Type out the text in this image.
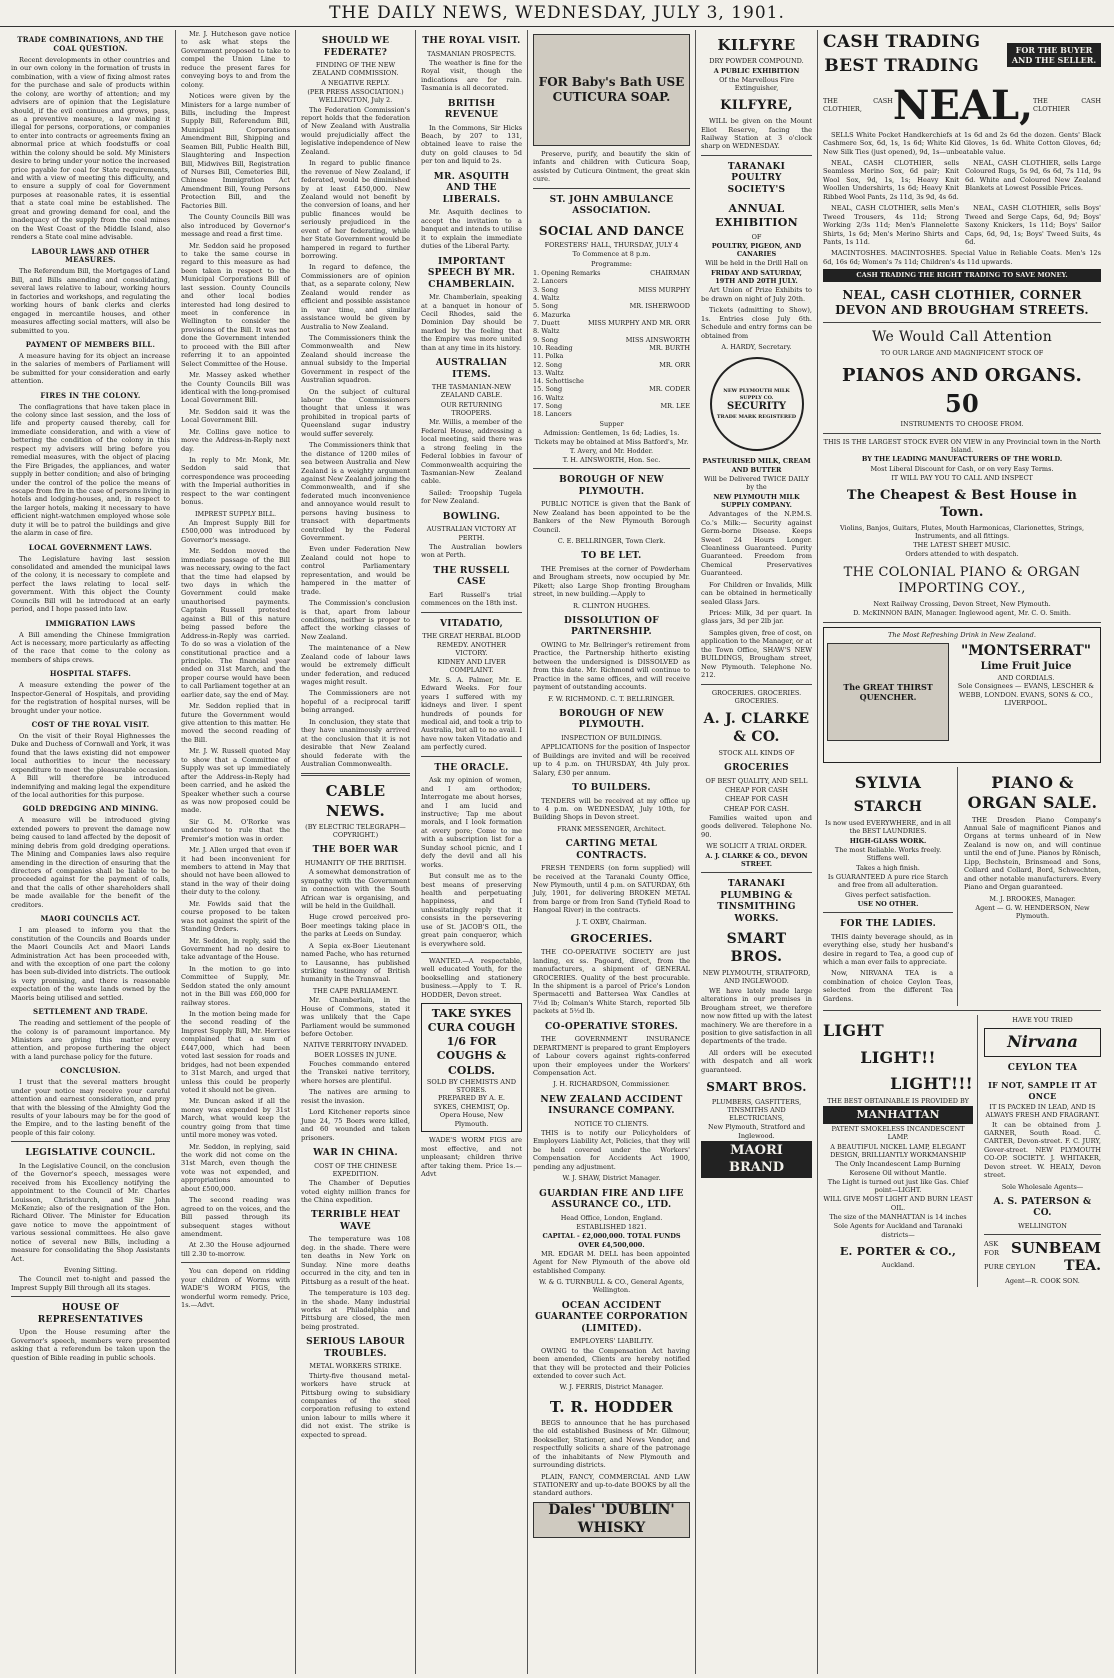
THE DAILY NEWS, WEDNESDAY, JULY 3, 1901.
TRADE COMBINATIONS, AND THE COAL QUESTION.

Recent developments in other countries and in our own colony in the formation of trusts in combination, with a view of fixing almost rates for the purchase and sale of products within the colony, are worthy of attention; and my advisers are of opinion that the Legislature should, if the evil continues and grows, pass, as a preventive measure, a law making it illegal for persons, corporations, or companies to enter into contracts or agreements fixing an abnormal price at which foodstuffs or coal within the colony should be sold. My Ministers desire to bring under your notice the increased price payable for coal for State requirements, and with a view of meeting this difficulty, and to ensure a supply of coal for Government purposes at reasonable rates, it is essential that a state coal mine be established. The great and growing demand for coal, and the inadequacy of the supply from the coal mines on the West Coast of the Middle Island, also renders a State coal mine advisable.

LABOUR LAWS AND OTHER MEASURES.

The Referendum Bill, the Mortgages of Land Bill, and Bills amending and consolidating, several laws relative to labour, working hours in factories and workshops, and regulating the working hours of bank clerks and clerks engaged in mercantile houses, and other measures affecting social matters, will also be submitted to you.

PAYMENT OF MEMBERS BILL.

A measure having for its object an increase in the salaries of members of Parliament will be submitted for your consideration and early attention.

FIRES IN THE COLONY.

The conflagrations that have taken place in the colony since last session, and the loss of life and property caused thereby, call for immediate consideration, and with a view of bettering the condition of the colony in this respect my advisers will bring before you remedial measures, with the object of placing the Fire Brigades, the appliances, and water supply in better condition; and also of bringing under the control of the police the means of escape from fire in the case of persons living in hotels and lodging-houses, and, in respect to the larger hotels, making it necessary to have efficient night-watchmen employed whose sole duty it will be to patrol the buildings and give the alarm in case of fire.

LOCAL GOVERNMENT LAWS.

The Legislature having last session consolidated and amended the municipal laws of the colony, it is necessary to complete and perfect the laws relating to local self-government. With this object the County Councils Bill will be introduced at an early period, and I hope passed into law.

IMMIGRATION LAWS

A Bill amending the Chinese Immigration Act is necessary, more particularly as affecting of the race that come to the colony as members of ships crews.

HOSPITAL STAFFS.

A measure extending the power of the Inspector-General of Hospitals, and providing for the registration of hospital nurses, will be brought under your notice.

COST OF THE ROYAL VISIT.

On the visit of their Royal Highnesses the Duke and Duchess of Cornwall and York, it was found that the laws existing did not empower local authorities to incur the necessary expenditure to meet the pleasurable occasion. A Bill will therefore be introduced indemnifying and making legal the expenditure of the local authorities for this purpose.

GOLD DREDGING AND MINING.

A measure will be introduced giving extended powers to prevent the damage now being caused to land affected by the deposit of mining debris from gold dredging operations. The Mining and Companies laws also require amending in the direction of ensuring that the directors of companies shall be liable to be proceeded against for the payment of calls, and that the calls of other shareholders shall be made available for the benefit of the creditors.

MAORI COUNCILS ACT.

I am pleased to inform you that the constitution of the Councils and Boards under the Maori Councils Act and Maori Lands Administration Act has been proceeded with, and with the exception of one part the colony has been sub-divided into districts. The outlook is very promising, and there is reasonable expectation of the waste lands owned by the Maoris being utilised and settled.

SETTLEMENT AND TRADE.

The reading and settlement of the people of the colony is of paramount importance. My Ministers are giving this matter every attention, and propose furthering the object with a land purchase policy for the future.

CONCLUSION.

I trust that the several matters brought under your notice may receive your careful attention and earnest consideration, and pray that with the blessing of the Almighty God the results of your labours may be for the good of the Empire, and to the lasting benefit of the people of this fair colony.

LEGISLATIVE COUNCIL.

In the Legislative Council, on the conclusion of the Governor's speech, messages were received from his Excellency notifying the appointment to the Council of Mr. Charles Louisson, Christchurch, and Sir John McKenzie; also of the resignation of the Hon. Richard Oliver. The Minister for Education gave notice to move the appointment of various sessional committees. He also gave notice of several new Bills, including a measure for consolidating the Shop Assistants Act.

Evening Sitting.

The Council met to-night and passed the Imprest Supply Bill through all its stages.

HOUSE OF REPRESENTATIVES

Upon the House resuming after the Governor's speech, members were presented asking that a referendum be taken upon the question of Bible reading in public schools.

Mr. J. Hutcheson gave notice to ask what steps the Government proposed to take to compel the Union Line to reduce the present fares for conveying boys to and from the colony.

Notices were given by the Ministers for a large number of Bills, including the Imprest Supply Bill, Referendum Bill, Municipal Corporations Amendment Bill, Shipping and Seamen Bill, Public Health Bill, Slaughtering and Inspection Bill, Midwives Bill, Registration of Nurses Bill, Cemeteries Bill, Chinese Immigration Act Amendment Bill, Young Persons Protection Bill, and the Factories Bill.

The County Councils Bill was also introduced by Governor's message and read a first time.

Mr. Seddon said he proposed to take the same course in regard to this measure as had been taken in respect to the Municipal Corporations Bill of last session. County Councils and other local bodies interested had long desired to meet in conference in Wellington to consider the provisions of the Bill. It was not done the Government intended to proceed with the Bill after referring it to an appointed Select Committee of the House.

Mr. Massey asked whether the County Councils Bill was identical with the long-promised Local Government Bill.

Mr. Seddon said it was the Local Government Bill.

Mr. Collins gave notice to move the Address-in-Reply next day.

In reply to Mr. Monk, Mr. Seddon said that correspondence was proceeding with the Imperial authorities in respect to the war contingent bonus.

IMPREST SUPPLY BILL.

An Imprest Supply Bill for £500,000 was introduced by Governor's message.

Mr. Seddon moved the immediate passage of the Bill was necessary, owing to the fact that the time had elapsed by two days in which the Government could make unauthorised payments. Captain Russell protested against a Bill of this nature being passed before the Address-in-Reply was carried. To do so was a violation of the constitutional practice and a principle. The financial year ended on 31st March, and the proper course would have been to call Parliament together at an earlier date, say the end of May.

Mr. Seddon replied that in future the Government would give attention to this matter. He moved the second reading of the Bill.

Mr. J. W. Russell quoted May to show that a Committee of Supply was set up immediately after the Address-in-Reply had been carried, and he asked the Speaker whether such a course as was now proposed could be made.

Sir G. M. O'Rorke was understood to rule that the Premier's motion was in order.

Mr. J. Allen urged that even if it had been inconvenient for members to attend in May that should not have been allowed to stand in the way of their doing their duty to the colony.

Mr. Fowlds said that the course proposed to be taken was not against the spirit of the Standing Orders.

Mr. Seddon, in reply, said the Government had no desire to take advantage of the House.

In the motion to go into Committee of Supply, Mr. Seddon stated the only amount not in the Bill was £60,000 for railway stores.

In the motion being made for the second reading of the Imprest Supply Bill, Mr. Herries complained that a sum of £447,000, which had been voted last session for roads and bridges, had not been expended to 31st March, and urged that unless this could be properly voted it should not be given.

Mr. Duncan asked if all the money was expended by 31st March, what would keep the country going from that time until more money was voted.

Mr. Seddon, in replying, said the work did not come on the 31st March, even though the vote was not expended, and appropriations amounted to about £500,000.

The second reading was agreed to on the voices, and the Bill passed through its subsequent stages without amendment.

At 2.30 the House adjourned till 2.30 to-morrow.

You can depend on ridding your children of Worms with WADE'S WORM FIGS, the wonderful worm remedy. Price, 1s.—Advt.

SHOULD WE FEDERATE?
FINDING OF THE NEW ZEALAND COMMISSION.
A NEGATIVE REPLY.
(PER PRESS ASSOCIATION.) WELLINGTON, July 2.

The Federation Commission's report holds that the federation of New Zealand with Australia would prejudicially affect the legislative independence of New Zealand.

In regard to public finance the revenue of New Zealand, if federated, would be diminished by at least £450,000. New Zealand would not benefit by the conversion of loans, and her public finances would be seriously prejudiced in the event of her federating, while her State Government would be hampered in regard to further borrowing.

In regard to defence, the Commissioners are of opinion that, as a separate colony, New Zealand would render as efficient and possible assistance in war time, and similar assistance would be given by Australia to New Zealand.

The Commissioners think the Commonwealth and New Zealand should increase the annual subsidy to the Imperial Government in respect of the Australian squadron.

On the subject of cultural labour the Commissioners thought that unless it was prohibited in tropical parts of Queensland sugar industry would suffer severely.

The Commissioners think that the distance of 1200 miles of sea between Australia and New Zealand is a weighty argument against New Zealand joining the Commonwealth, and if she federated much inconvenience and annoyance would result to persons having business to transact with departments controlled by the Federal Government.

Even under Federation New Zealand could not hope to control Parliamentary representation, and would be hampered in the matter of trade.

The Commission's conclusion is that, apart from labour conditions, neither is proper to affect the working classes of New Zealand.

The maintenance of a New Zealand code of labour laws would be extremely difficult under federation, and reduced wages might result.

The Commissioners are not hopeful of a reciprocal tariff being arranged.

In conclusion, they state that they have unanimously arrived at the conclusion that it is not desirable that New Zealand should federate with the Australian Commonwealth.

CABLE NEWS.
(BY ELECTRIC TELEGRAPH—COPYRIGHT.)
THE BOER WAR
HUMANITY OF THE BRITISH.

A somewhat demonstration of sympathy with the Government in connection with the South African war is organising, and will be held in the Guildhall.

Huge crowd perceived pro-Boer meetings taking place in the parks at Leeds on Sunday.

A Sepia ex-Boer Lieutenant named Pache, who has returned to Lausanne, has published striking testimony of British humanity in the Transvaal.

THE CAPE PARLIAMENT.

Mr. Chamberlain, in the House of Commons, stated it was unlikely that the Cape Parliament would be summoned before October.

NATIVE TERRITORY INVADED.
BOER LOSSES IN JUNE.

Fouches commando entered the Transkei native territory, where horses are plentiful.

The natives are arming to resist the invasion.

Lord Kitchener reports since June 24, 75 Boers were killed, and 60 wounded and taken prisoners.

WAR IN CHINA.
COST OF THE CHINESE EXPEDITION.

The Chamber of Deputies voted eighty million francs for the China expedition.

TERRIBLE HEAT WAVE

The temperature was 108 deg. in the shade. There were ten deaths in New York on Sunday. Nine more deaths occurred in the city, and ten in Pittsburg as a result of the heat.

The temperature is 103 deg. in the shade. Many industrial works at Philadelphia and Pittsburg are closed, the men being prostrated.

SERIOUS LABOUR TROUBLES.
METAL WORKERS STRIKE.

Thirty-five thousand metal-workers have struck at Pittsburg owing to subsidiary companies of the steel corporation refusing to extend union labour to mills where it did not exist. The strike is expected to spread.

THE ROYAL VISIT.
TASMANIAN PROSPECTS.

The weather is fine for the Royal visit, though the indications are for rain. Tasmania is all decorated.

BRITISH REVENUE

In the Commons, Sir Hicks Beach, by 207 to 131, obtained leave to raise the duty on gold clauses to 5d per ton and liquid to 2s.

MR. ASQUITH AND THE LIBERALS.

Mr. Asquith declines to accept the invitation to a banquet and intends to utilise it to explain the immediate duties of the Liberal Party.

IMPORTANT SPEECH BY MR. CHAMBERLAIN.

Mr. Chamberlain, speaking at a banquet in honour of Cecil Rhodes, said the Dominion Day should be marked by the feeling that the Empire was more united than at any time in its history.

AUSTRALIAN ITEMS.
THE TASMANIAN-NEW ZEALAND CABLE.
OUR RETURNING TROOPERS.

Mr. Willis, a member of the Federal House, addressing a local meeting, said there was a strong feeling in the Federal lobbies in favour of Commonwealth acquiring the Tasmanian-New Zealand cable.

Sailed: Troopship Tugela for New Zealand.

BOWLING.
AUSTRALIAN VICTORY AT PERTH.

The Australian bowlers won at Perth.

THE RUSSELL CASE

Earl Russell's trial commences on the 18th inst.

VITADATIO,
THE GREAT HERBAL BLOOD REMEDY. ANOTHER VICTORY.
KIDNEY AND LIVER COMPLAINT.

Mr. S. A. Palmer, Mr. E. Edward Weeks. For four years I suffered with my kidneys and liver. I spent hundreds of pounds for medical aid, and took a trip to Australia, but all to no avail. I have now taken Vitadatio and am perfectly cured.

THE ORACLE.

Ask my opinion of women, and I am orthodox; Interrogate me about horses, and I am lucid and instructive; Tap me about morals, and I look formation at every pore; Come to me with a subscription list for a Sunday school picnic, and I defy the devil and all his works.

But consult me as to the best means of preserving health and perpetuating happiness, and I unhesitatingly reply that it consists in the persevering use of St. JACOB'S OIL, the great pain conqueror, which is everywhere sold.

WANTED.—A respectable, well educated Youth, for the bookselling and stationery business.—Apply to T. R. HODDER, Devon street.

TAKE SYKES CURA COUGH 1/6 FOR COUGHS & COLDS.
SOLD BY CHEMISTS AND STORES.
PREPARED BY A. E. SYKES, CHEMIST, Op. Opera House, New Plymouth.

WADE'S WORM FIGS are most effective, and not unpleasant; children thrive after taking them. Price 1s.—Advt

FOR Baby's Bath USE CUTICURA SOAP.

Preserve, purify, and beautify the skin of infants and children with Cuticura Soap, assisted by Cuticura Ointment, the great skin cure.

ST. JOHN AMBULANCE ASSOCIATION.
SOCIAL AND DANCE
FORESTERS' HALL, THURSDAY, JULY 4
To Commence at 8 p.m.
Programme:
1. Opening Remarks	CHAIRMAN
2. Lancers
3. Song	MISS MURPHY
4. Waltz
5. Song	MR. ISHERWOOD
6. Mazurka
7. Duett	MISS MURPHY AND MR. ORR
8. Waltz
9. Song	MISS AINSWORTH
10. Reading	MR. BURTH
11. Polka
12. Song	MR. ORR
13. Waltz
14. Schottische
15. Song	MR. CODER
16. Waltz
17. Song	MR. LEE
18. Lancers
Supper
Admission: Gentlemen, 1s 6d; Ladies, 1s.
Tickets may be obtained at Miss Batford's, Mr. T. Avery, and Mr. Hodder.
T. H. AINSWORTH, Hon. Sec.
BOROUGH OF NEW PLYMOUTH.

PUBLIC NOTICE is given that the Bank of New Zealand has been appointed to be the Bankers of the New Plymouth Borough Council.

C. E. BELLRINGER, Town Clerk.
TO BE LET.

THE Premises at the corner of Powderham and Brougham streets, now occupied by Mr. Pikett; also Large Shop fronting Brougham street, in new building.—Apply to

R. CLINTON HUGHES.
DISSOLUTION OF PARTNERSHIP.

OWING to Mr. Bellringer's retirement from Practice, the Partnership hitherto existing between the undersigned is DISSOLVED as from this date. Mr. Richmond will continue to Practice in the same offices, and will receive payment of outstanding accounts.

F. W. RICHMOND. C. T. BELLRINGER.
BOROUGH OF NEW PLYMOUTH.
INSPECTION OF BUILDINGS.

APPLICATIONS for the position of Inspector of Buildings are invited and will be received up to 4 p.m. on THURSDAY, 4th July prox. Salary, £30 per annum.

TO BUILDERS.

TENDERS will be received at my office up to 4 p.m. on WEDNESDAY, July 10th, for Building Shops in Devon street.

FRANK MESSENGER, Architect.
CARTING METAL CONTRACTS.

FRESH TENDERS (on form supplied) will be received at the Taranaki County Office, New Plymouth, until 4 p.m. on SATURDAY, 6th July, 1901, for delivering BROKEN METAL from barge or from Iron Sand (Tyfield Road to Hangoal River) in the contracts.

J. T. OXBY, Chairman.
GROCERIES.

THE CO-OPERATIVE SOCIETY are just landing, ex ss. Pagoard, direct, from the manufacturers, a shipment of GENERAL GROCERIES. Quality of the best procurable. In the shipment is a parcel of Price's London Spermacetti and Battersea Wax Candles at 7½d lb; Colman's White Starch, reported 5lb packets at 5½d lb.

CO-OPERATIVE STORES.

THE GOVERNMENT INSURANCE DEPARTMENT is prepared to grant Employers of Labour covers against rights-conferred upon their employees under the Workers' Compensation Act.

J. H. RICHARDSON, Commissioner.
NEW ZEALAND ACCIDENT INSURANCE COMPANY.
NOTICE TO CLIENTS.

THIS is to notify our Policyholders of Employers Liability Act, Policies, that they will be held covered under the Workers' Compensation for Accidents Act 1900, pending any adjustment.

W. J. SHAW, District Manager.
GUARDIAN FIRE AND LIFE ASSURANCE CO., LTD.
Head Office, London, England.
ESTABLISHED 1821.
CAPITAL - £2,000,000. TOTAL FUNDS OVER £4,500,000.

MR. EDGAR M. DELL has been appointed Agent for New Plymouth of the above old established Company.

W. & G. TURNBULL & CO., General Agents, Wellington.
OCEAN ACCIDENT GUARANTEE CORPORATION (LIMITED).
EMPLOYERS' LIABILITY.

OWING to the Compensation Act having been amended, Clients are hereby notified that they will be protected and their Policies extended to cover such Act.

W. J. FERRIS, District Manager.
T. R. HODDER

BEGS to announce that he has purchased the old established Business of Mr. Gilmour, Bookseller, Stationer, and News Vendor, and respectfully solicits a share of the patronage of the inhabitants of New Plymouth and surrounding districts.

PLAIN, FANCY, COMMERCIAL AND LAW STATIONERY and up-to-date BOOKS by all the standard authors.

Dales' 'DUBLIN' WHISKY
KILFYRE
DRY POWDER COMPOUND.
A PUBLIC EXHIBITION
Of the Marvellous Fire Extinguisher,
KILFYRE,

WILL be given on the Mount Eliot Reserve, facing the Railway Station at 3 o'clock sharp on WEDNESDAY.

TARANAKI POULTRY SOCIETY'S
ANNUAL EXHIBITION
OF
POULTRY, PIGEON, AND CANARIES
Will be held in the Drill Hall on
FRIDAY AND SATURDAY, 19TH AND 20TH JULY.

Art Union of Prize Exhibits to be drawn on night of July 20th.

Tickets (admitting to Show), 1s. Entries close July 6th. Schedule and entry forms can be obtained from

A. HARDY, Secretary.
NEW PLYMOUTH MILK SUPPLY CO.
SECURITY
TRADE MARK REGISTERED
PASTEURISED MILK, CREAM AND BUTTER
Will be Delivered TWICE DAILY by the
NEW PLYMOUTH MILK SUPPLY COMPANY.

Advantages of the N.P.M.S. Co.'s Milk:— Security against Germ-borne Disease. Keeps Sweet 24 Hours Longer. Cleanliness Guaranteed. Purity Guaranteed. Freedom from Chemical Preservatives Guaranteed.

For Children or Invalids, Milk can be obtained in hermetically sealed Glass Jars.

Prices: Milk, 3d per quart. In glass jars, 3d per 2lb jar.

Samples given, free of cost, on application to the Manager, or at the Town Office, SHAW'S NEW BUILDINGS, Brougham street, New Plymouth. Telephone No. 212.

GROCERIES. GROCERIES. GROCERIES.
A. J. CLARKE & CO.
STOCK ALL KINDS OF
GROCERIES
OF BEST QUALITY, AND SELL
CHEAP FOR CASH
CHEAP FOR CASH
CHEAP FOR CASH.

Families waited upon and goods delivered. Telephone No. 90.

WE SOLICIT A TRIAL ORDER.
A. J. CLARKE & CO., DEVON STREET.
TARANAKI PLUMBING & TINSMITHING WORKS.
SMART BROS.
NEW PLYMOUTH, STRATFORD, AND INGLEWOOD.

WE have lately made large alterations in our premises in Brougham street, we therefore now now fitted up with the latest machinery. We are therefore in a position to give satisfaction in all departments of the trade.

All orders will be executed with despatch and all work guaranteed.

SMART BROS.
PLUMBERS, GASFITTERS, TINSMITHS AND ELECTRICIANS,
New Plymouth, Stratford and Inglewood.
MAORI BRAND
CASH TRADING
BEST TRADING
FOR THE BUYER AND THE SELLER.
THE CASH CLOTHIER, NEAL, THE CASH CLOTHIER

SELLS White Pocket Handkerchiefs at 1s 6d and 2s 6d the dozen. Gents' Black Cashmere Sox, 6d, 1s, 1s 6d; White Kid Gloves, 1s 6d. White Cotton Gloves, 6d; New Silk Ties (just opened), 9d, 1s—unbeatable value.

NEAL, CASH CLOTHIER, sells Seamless Merino Sox, 6d pair; Knit Wool Sox, 9d, 1s, 1s; Heavy Knit Woollen Undershirts, 1s 6d; Heavy Knit Ribbed Wool Pants, 2s 11d, 3s 9d, 4s 6d.

NEAL, CASH CLOTHIER, sells Large Coloured Rugs, 5s 9d, 6s 6d, 7s 11d, 9s 6d. White and Coloured New Zealand Blankets at Lowest Possible Prices.

NEAL, CASH CLOTHIER, sells Men's Tweed Trousers, 4s 11d; Strong Working 2/3s 11d; Men's Flannelette Shirts, 1s 6d; Men's Merino Shirts and Pants, 1s 11d.

NEAL, CASH CLOTHIER, sells Boys' Tweed and Serge Caps, 6d, 9d; Boys' Saxony Knickers, 1s 11d; Boys' Sailor Caps, 6d, 9d, 1s; Boys' Tweed Suits, 4s 6d.

MACINTOSHES. MACINTOSHES. Special Value in Reliable Coats. Men's 12s 6d, 16s 6d; Women's 7s 11d; Children's 4s 11d upwards.

CASH TRADING THE RIGHT TRADING TO SAVE MONEY.
NEAL, CASH CLOTHIER, CORNER DEVON AND BROUGHAM STREETS.
We Would Call Attention
TO OUR LARGE AND MAGNIFICENT STOCK OF
PIANOS AND ORGANS.
50
INSTRUMENTS TO CHOOSE FROM.
THIS IS THE LARGEST STOCK EVER ON VIEW in any Provincial town in the North Island.
BY THE LEADING MANUFACTURERS OF THE WORLD.
Most Liberal Discount for Cash, or on very Easy Terms.
IT WILL PAY YOU TO CALL AND INSPECT
The Cheapest & Best House in Town.
Violins, Banjos, Guitars, Flutes, Mouth Harmonicas, Clarionettes, Strings, Instruments, and all fittings.
THE LATEST SHEET MUSIC.
Orders attended to with despatch.
THE COLONIAL PIANO & ORGAN IMPORTING COY.,
Next Railway Crossing, Devon Street, New Plymouth.
D. McKINNON BAIN, Manager. Inglewood agent, Mr. C. O. Smith.
The Most Refreshing Drink in New Zealand.
The GREAT THIRST QUENCHER.
"MONTSERRAT"
Lime Fruit Juice
AND CORDIALS.
Sole Consignees — EVANS, LESCHER & WEBB, LONDON. EVANS, SONS & CO., LIVERPOOL.
SYLVIA
STARCH
Is now used EVERYWHERE, and in all the BEST LAUNDRIES.
HIGH-GLASS WORK.
The most Reliable. Works freely. Stiffens well.
Takes a high finish.
Is GUARANTEED A pure rice Starch and free from all adulteration.
Gives perfect satisfaction.
USE NO OTHER.
FOR THE LADIES.

THIS dainty beverage should, as in everything else, study her husband's desire in regard to Tea, a good cup of which a man ever fails to appreciate.

Now, NIRVANA TEA is a combination of choice Ceylon Teas, selected from the different Tea Gardens.

PIANO & ORGAN SALE.

THE Dresden Piano Company's Annual Sale of magnificent Pianos and Organs at terms unheard of in New Zealand is now on, and will continue until the end of June. Pianos by Rönisch, Lipp, Bechstein, Brinsmead and Sons, Collard and Collard, Bord, Schwechten, and other notable manufacturers. Every Piano and Organ guaranteed.

M. J. BROOKES, Manager.
Agent — G. W. HENDERSON, New Plymouth.
LIGHT
LIGHT!!
LIGHT!!!
THE BEST OBTAINABLE IS PROVIDED BY
MANHATTAN
PATENT SMOKELESS INCANDESCENT LAMP.
A BEAUTIFUL NICKEL LAMP, ELEGANT DESIGN, BRILLIANTLY WORKMANSHIP
The Only Incandescent Lamp Burning Kerosene Oil without Mantle.
The Light is turned out just like Gas. Chief point—LIGHT.
WILL GIVE MOST LIGHT AND BURN LEAST OIL.
The size of the MANHATTAN is 14 inches
Sole Agents for Auckland and Taranaki districts—
E. PORTER & CO.,
Auckland.
HAVE YOU TRIED
Nirvana
CEYLON TEA
IF NOT, SAMPLE IT AT ONCE
IT IS PACKED IN LEAD, AND IS ALWAYS FRESH AND FRAGRANT.

It can be obtained from J. GARNER, South Road. C. CARTER, Devon-street. F. C. JURY, Gover-street. NEW PLYMOUTH CO-OP. SOCIETY. J. WHITAKER, Devon street. W. HEALY, Devon street.

Sole Wholesale Agents—
A. S. PATERSON & CO.
WELLINGTON
ASK FOR SUNBEAM
PURE CEYLON TEA.
Agent—R. COOK SON.
